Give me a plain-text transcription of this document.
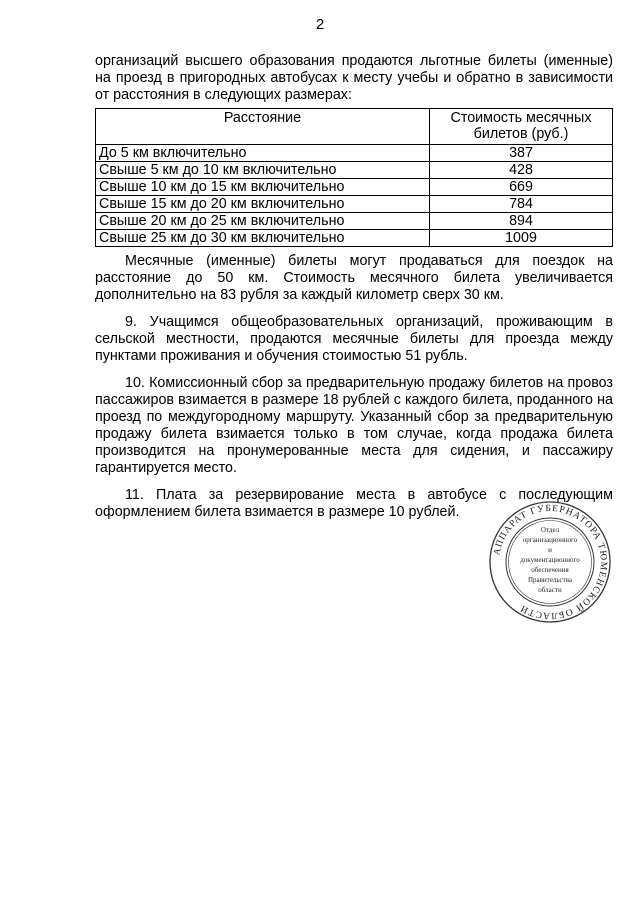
2

организаций высшего образования продаются льготные билеты (именные) на проезд в пригородных автобусах к месту учебы и обратно в зависимости от расстояния в следующих размерах:

Расстояние	Стоимость месячных билетов (руб.)
До 5 км включительно	387
Свыше 5 км до 10 км включительно	428
Свыше 10 км до 15 км включительно	669
Свыше 15 км до 20 км включительно	784
Свыше 20 км до 25 км включительно	894
Свыше 25 км до 30 км включительно	1009

Месячные (именные) билеты могут продаваться для поездок на расстояние до 50 км. Стоимость месячного билета увеличивается дополнительно на 83 рубля за каждый километр сверх 30 км.

9. Учащимся общеобразовательных организаций, проживающим в сельской местности, продаются месячные билеты для проезда между пунктами проживания и обучения стоимостью 51 рубль.

10. Комиссионный сбор за предварительную продажу билетов на провоз пассажиров взимается в размере 18 рублей с каждого билета, проданного на проезд по междугородному маршруту. Указанный сбор за предварительную продажу билета взимается только в том случае, когда продажа билета производится на пронумерованные места для сидения, и пассажиру гарантируется место.

11. Плата за резервирование места в автобусе с последующим оформлением билета взимается в размере 10 рублей.

АППАРАТ ГУБЕРНАТОРА ТЮМЕНСКОЙ ОБЛАСТИ
Отдел
организационного
и
документационного
обеспечения
Правительства
области
